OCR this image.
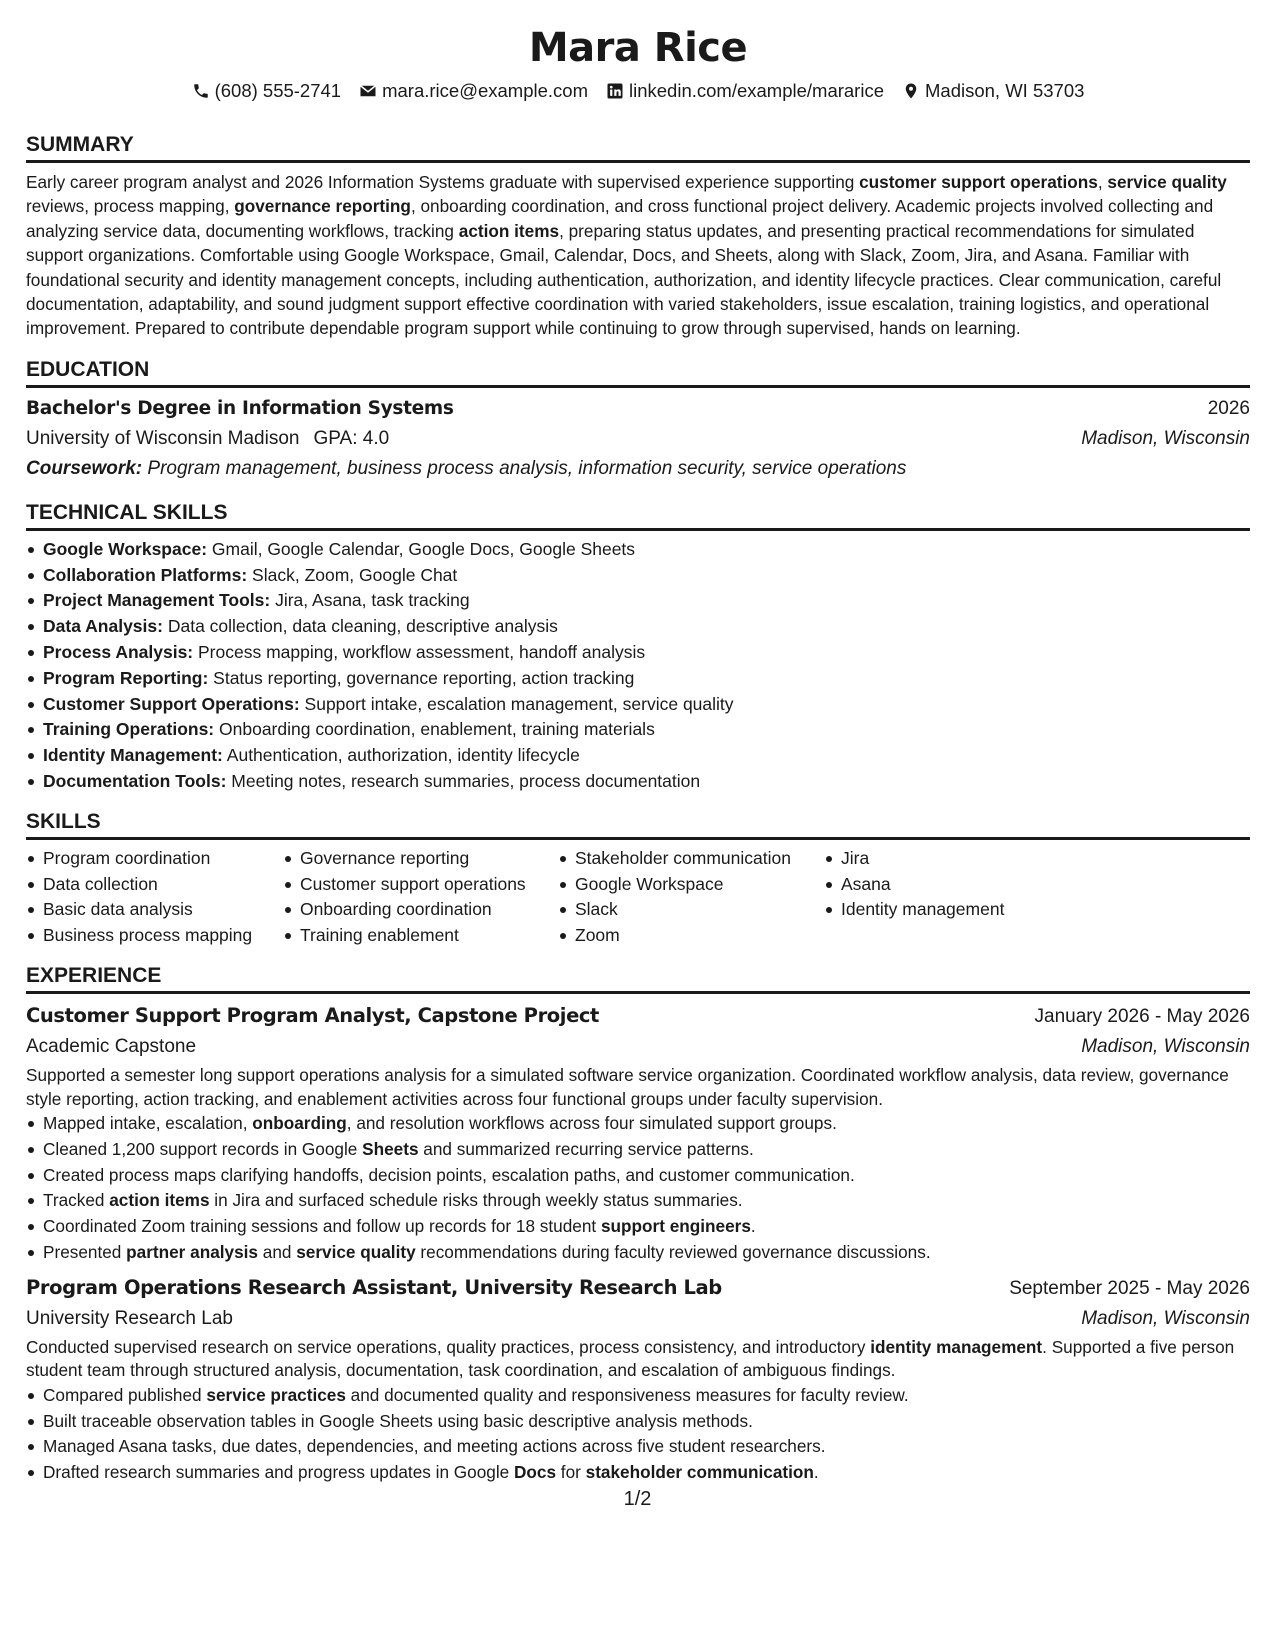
Mara Rice
(608) 555-2741 mara.rice@example.com linkedin.com/example/mararice Madison, WI 53703
SUMMARY
Early career program analyst and 2026 Information Systems graduate with supervised experience supporting customer support operations, service quality reviews, process mapping, governance reporting, onboarding coordination, and cross functional project delivery. Academic projects involved collecting and analyzing service data, documenting workflows, tracking action items, preparing status updates, and presenting practical recommendations for simulated support organizations. Comfortable using Google Workspace, Gmail, Calendar, Docs, and Sheets, along with Slack, Zoom, Jira, and Asana. Familiar with foundational security and identity management concepts, including authentication, authorization, and identity lifecycle practices. Clear communication, careful documentation, adaptability, and sound judgment support effective coordination with varied stakeholders, issue escalation, training logistics, and operational improvement. Prepared to contribute dependable program support while continuing to grow through supervised, hands on learning.
EDUCATION
Bachelor's Degree in Information Systems	2026
University of Wisconsin Madison GPA: 4.0	Madison, Wisconsin
Coursework: Program management, business process analysis, information security, service operations
TECHNICAL SKILLS
Google Workspace: Gmail, Google Calendar, Google Docs, Google Sheets
Collaboration Platforms: Slack, Zoom, Google Chat
Project Management Tools: Jira, Asana, task tracking
Data Analysis: Data collection, data cleaning, descriptive analysis
Process Analysis: Process mapping, workflow assessment, handoff analysis
Program Reporting: Status reporting, governance reporting, action tracking
Customer Support Operations: Support intake, escalation management, service quality
Training Operations: Onboarding coordination, enablement, training materials
Identity Management: Authentication, authorization, identity lifecycle
Documentation Tools: Meeting notes, research summaries, process documentation
SKILLS
Program coordination
Data collection
Basic data analysis
Business process mapping
Governance reporting
Customer support operations
Onboarding coordination
Training enablement
Stakeholder communication
Google Workspace
Slack
Zoom
Jira
Asana
Identity management
EXPERIENCE
Customer Support Program Analyst, Capstone Project	January 2026 - May 2026
Academic Capstone	Madison, Wisconsin
Supported a semester long support operations analysis for a simulated software service organization. Coordinated workflow analysis, data review, governance style reporting, action tracking, and enablement activities across four functional groups under faculty supervision.
Mapped intake, escalation, onboarding, and resolution workflows across four simulated support groups.
Cleaned 1,200 support records in Google Sheets and summarized recurring service patterns.
Created process maps clarifying handoffs, decision points, escalation paths, and customer communication.
Tracked action items in Jira and surfaced schedule risks through weekly status summaries.
Coordinated Zoom training sessions and follow up records for 18 student support engineers.
Presented partner analysis and service quality recommendations during faculty reviewed governance discussions.
Program Operations Research Assistant, University Research Lab	September 2025 - May 2026
University Research Lab	Madison, Wisconsin
Conducted supervised research on service operations, quality practices, process consistency, and introductory identity management. Supported a five person student team through structured analysis, documentation, task coordination, and escalation of ambiguous findings.
Compared published service practices and documented quality and responsiveness measures for faculty review.
Built traceable observation tables in Google Sheets using basic descriptive analysis methods.
Managed Asana tasks, due dates, dependencies, and meeting actions across five student researchers.
Drafted research summaries and progress updates in Google Docs for stakeholder communication.
1/2
